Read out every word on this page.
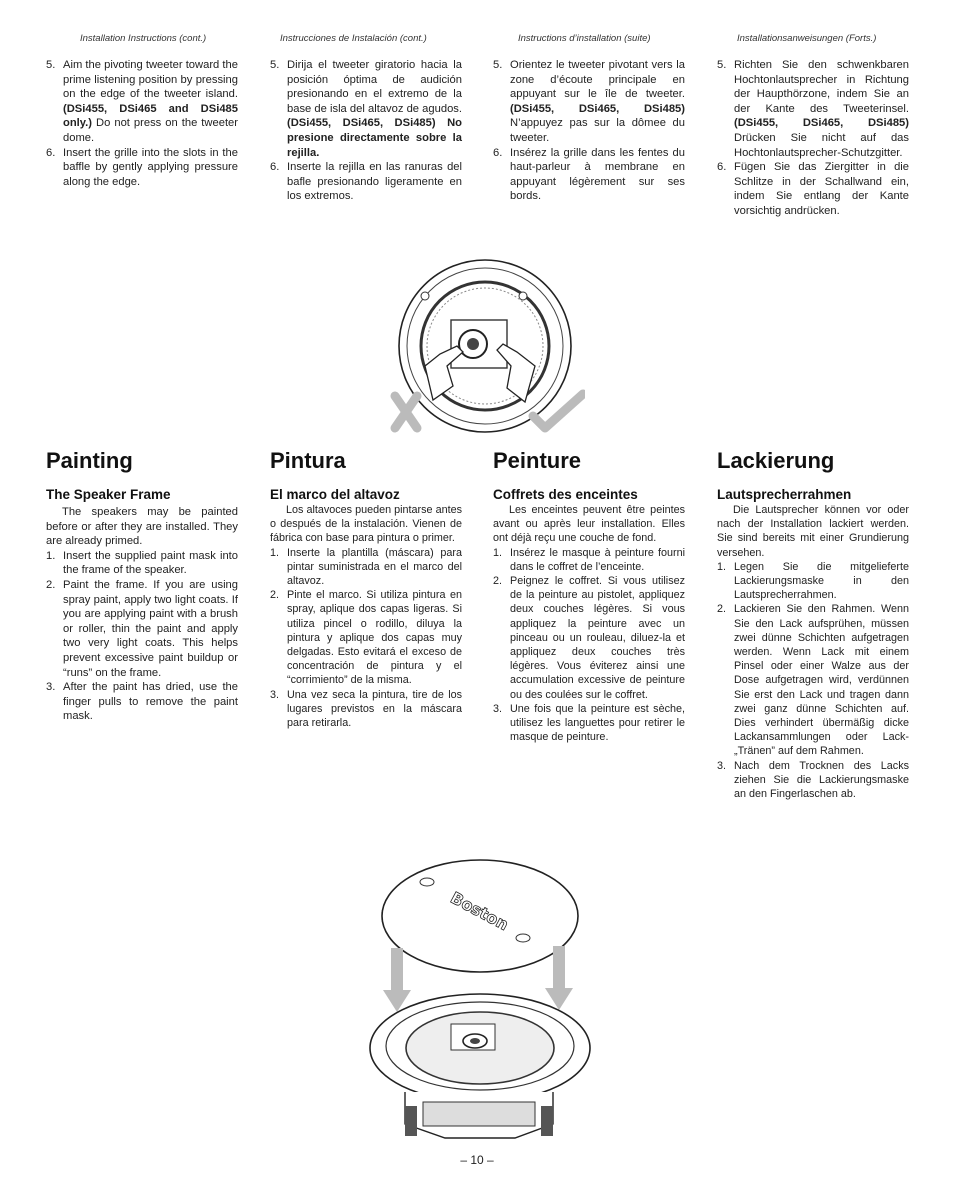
Installation Instructions (cont.)	Instrucciones de Instalación (cont.)	Instructions d’installation (suite)	Installationsanweisungen (Forts.)
5. Aim the pivoting tweeter toward the prime listening position by pressing on the edge of the tweeter island. (DSi455, DSi465 and DSi485 only.) Do not press on the tweeter dome.
6. Insert the grille into the slots in the baffle by gently applying pressure along the edge.
5. Dirija el tweeter giratorio hacia la posición óptima de audición presionando en el extremo de la base de isla del altavoz de agudos. (DSi455, DSi465, DSi485) No presione directamente sobre la rejilla.
6. Inserte la rejilla en las ranuras del bafle presionando ligeramente en los extremos.
5. Orientez le tweeter pivotant vers la zone d’écoute principale en appuyant sur le île de tweeter. (DSi455, DSi465, DSi485) N’appuyez pas sur la dômee du tweeter.
6. Insérez la grille dans les fentes du haut-parleur à membrane en appuyant légèrement sur ses bords.
5. Richten Sie den schwenkbaren Hochtonlautsprecher in Richtung der Haupthörzone, indem Sie an der Kante des Tweeterinsel. (DSi455, DSi465, DSi485) Drücken Sie nicht auf das Hochtonlautsprecher-Schutzgitter.
6. Fügen Sie das Ziergitter in die Schlitze in der Schallwand ein, indem Sie entlang der Kante vorsichtig andrücken.
Painting	Pintura	Peinture	Lackierung
The Speaker Frame	El marco del altavoz	Coffrets des enceintes	Lautsprecherrahmen

The speakers may be painted before or after they are installed. They are already primed.

1. Insert the supplied paint mask into the frame of the speaker.
2. Paint the frame. If you are using spray paint, apply two light coats. If you are applying paint with a brush or roller, thin the paint and apply two very light coats. This helps prevent excessive paint buildup or “runs” on the frame.
3. After the paint has dried, use the finger pulls to remove the paint mask.

Los altavoces pueden pintarse antes o después de la instalación. Vienen de fábrica con base para pintura o primer.

1. Inserte la plantilla (máscara) para pintar suministrada en el marco del altavoz.
2. Pinte el marco. Si utiliza pintura en spray, aplique dos capas ligeras. Si utiliza pincel o rodillo, diluya la pintura y aplique dos capas muy delgadas. Esto evitará el exceso de concentración de pintura y el “corrimiento” de la misma.
3. Una vez seca la pintura, tire de los lugares previstos en la máscara para retirarla.

Les enceintes peuvent être peintes avant ou après leur installation. Elles ont déjà reçu une couche de fond.

1. Insérez le masque à peinture fourni dans le coffret de l’enceinte.
2. Peignez le coffret. Si vous utilisez de la peinture au pistolet, appliquez deux couches légères. Si vous appliquez la peinture avec un pinceau ou un rouleau, diluez-la et appliquez deux couches très légères. Vous éviterez ainsi une accumulation excessive de peinture ou des coulées sur le coffret.
3. Une fois que la peinture est sèche, utilisez les languettes pour retirer le masque de peinture.

Die Lautsprecher können vor oder nach der Installation lackiert werden. Sie sind bereits mit einer Grundierung versehen.

1. Legen Sie die mitgelieferte Lackierungsmaske in den Lautsprecherrahmen.
2. Lackieren Sie den Rahmen. Wenn Sie den Lack aufsprühen, müssen zwei dünne Schichten aufgetragen werden. Wenn Lack mit einem Pinsel oder einer Walze aus der Dose aufgetragen wird, verdünnen Sie erst den Lack und tragen dann zwei ganz dünne Schichten auf. Dies verhindert übermäßig dicke Lackansammlungen oder Lack-„Tränen” auf dem Rahmen.
3. Nach dem Trocknen des Lacks ziehen Sie die Lackierungsmaske an den Fingerlaschen ab.
Boston
– 10 –
